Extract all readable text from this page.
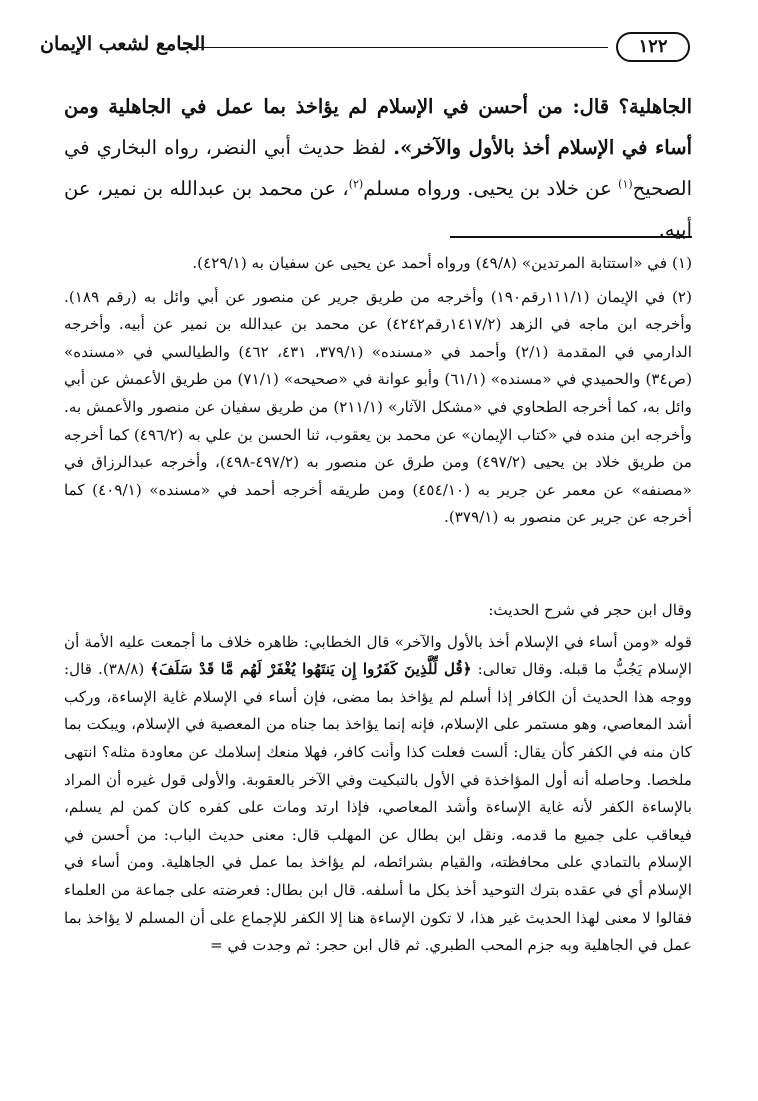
١٢٢
الجامع لشعب الإيمان

الجاهلية؟ قال: من أحسن في الإسلام لم يؤاخذ بما عمل في الجاهلية ومن أساء في الإسلام أخذ بالأول والآخر». لفظ حديث أبي النضر، رواه البخاري في الصحيح$^{(١)}$ عن خلاد بن يحيى. ورواه مسلم$^{(٢)}$، عن محمد بن عبدالله بن نمير، عن أبيه.

(١) في «استتابة المرتدين» (٤٩/٨) ورواه أحمد عن يحيى عن سفيان به (٤٢٩/١).

(٢) في الإيمان (١١١/١رقم١٩٠) وأخرجه من طريق جرير عن منصور عن أبي وائل به (رقم ١٨٩). وأخرجه ابن ماجه في الزهد (١٤١٧/٢رقم٤٢٤٢) عن محمد بن عبدالله بن نمير عن أبيه. وأخرجه الدارمي في المقدمة (٢/١) وأحمد في «مسنده» (٣٧٩/١، ٤٣١، ٤٦٢) والطيالسي في «مسنده» (ص٣٤) والحميدي في «مسنده» (٦١/١) وأبو عوانة في «صحيحه» (٧١/١) من طريق الأعمش عن أبي وائل به، كما أخرجه الطحاوي في «مشكل الآثار» (٢١١/١) من طريق سفيان عن منصور والأعمش به. وأخرجه ابن منده في «كتاب الإيمان» عن محمد بن يعقوب، ثنا الحسن بن علي به (٤٩٦/٢) كما أخرجه من طريق خلاد بن يحيى (٤٩٧/٢) ومن طرق عن منصور به (٤٩٧/٢-٤٩٨)، وأخرجه عبدالرزاق في «مصنفه» عن معمر عن جرير به (٤٥٤/١٠) ومن طريقه أخرجه أحمد في «مسنده» (٤٠٩/١) كما أخرجه عن جرير عن منصور به (٣٧٩/١).

وقال ابن حجر في شرح الحديث:

قوله «ومن أساء في الإسلام أخذ بالأول والآخر» قال الخطابي: ظاهره خلاف ما أجمعت عليه الأمة أن الإسلام يَجُبُّ ما قبله. وقال تعالى: ﴿قُل لِّلَّذِينَ كَفَرُوا إِن يَنتَهُوا يُغْفَرْ لَهُم مَّا قَدْ سَلَفَ﴾ (٣٨/٨). قال: ووجه هذا الحديث أن الكافر إذا أسلم لم يؤاخذ بما مضى، فإن أساء في الإسلام غاية الإساءة، وركب أشد المعاصي، وهو مستمر على الإسلام، فإنه إنما يؤاخذ بما جناه من المعصية في الإسلام، ويبكت بما كان منه في الكفر كأن يقال: ألست فعلت كذا وأنت كافر، فهلا منعك إسلامك عن معاودة مثله؟ انتهى ملخصا. وحاصله أنه أول المؤاخذة في الأول بالتبكيت وفي الآخر بالعقوبة. والأولى قول غيره أن المراد بالإساءة الكفر لأنه غاية الإساءة وأشد المعاصي، فإذا ارتد ومات على كفره كان كمن لم يسلم، فيعاقب على جميع ما قدمه. ونقل ابن بطال عن المهلب قال: معنى حديث الباب: من أحسن في الإسلام بالتمادي على محافظته، والقيام بشرائطه، لم يؤاخذ بما عمل في الجاهلية. ومن أساء في الإسلام أي في عقده بترك التوحيد أخذ بكل ما أسلفه. قال ابن بطال: فعرضته على جماعة من العلماء فقالوا لا معنى لهذا الحديث غير هذا، لا تكون الإساءة هنا إلا الكفر للإجماع على أن المسلم لا يؤاخذ بما عمل في الجاهلية وبه جزم المحب الطبري. ثم قال ابن حجر: ثم وجدت في =
